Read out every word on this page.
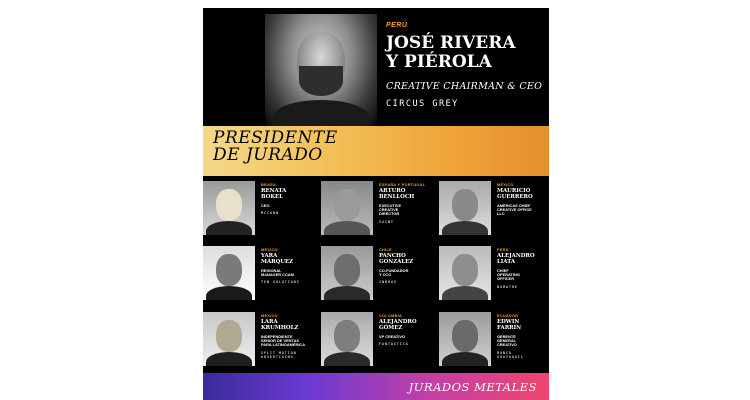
PERÚ
JOSÉ RIVERA
Y PIÉROLA
CREATIVE CHAIRMAN & CEO
CIRCUS GREY
PRESIDENTE
DE JURADO
BRASIL
RENATA
BOKEL
CEO
MCCANN
ESPAÑA Y PORTUGAL
ARTURO
BENLLOCH
EXECUTIVE
CREATIVE
DIRECTOR
SAINT
MÉXICO
MAURICIO
GUERRERO
AMERICAS CHIEF
CREATIVE OFFICE
LLC
MÉXICO
YARA
MÁRQUEZ
REGIONAL
MANAGER CCAM
TEN SOLUTIONS
CHILE
PANCHO
GONZÁLEZ
CO-FUNDADOR
Y CCO
INBRAX
PERÚ
ALEJANDRO
LIATA
CHIEF
OPERATING
OFFICER
NUMATRE
MÉXICO
LARA
KRUMHOLZ
INDEPENDIENTE
SENIOR DE VENTAS
PARA LATINOAMÉRICA
SPLIT MOTION
ADVERTISING
COLOMBIA
ALEJANDRO
GÓMEZ
VP CREATIVO
FANTÁSTICA
ECUADOR
EDWIN
FARRÍN
GERENTE
GENERAL
CREATIVO
BANCO
GUAYAQUIL
JURADOS METALES
